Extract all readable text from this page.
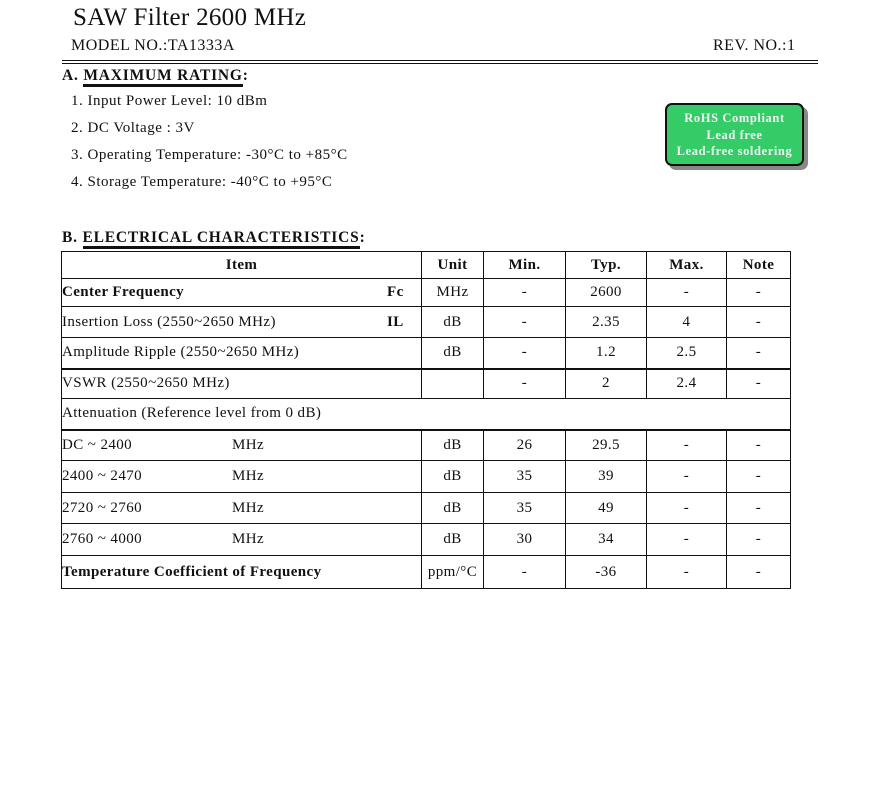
SAW Filter 2600 MHz
MODEL NO.:TA1333A	REV. NO.:1
A. MAXIMUM RATING:
1. Input Power Level: 10 dBm
2. DC Voltage : 3V
3. Operating Temperature: -30°C to +85°C
4. Storage Temperature: -40°C to +95°C
RoHS Compliant
Lead free
Lead-free soldering
B. ELECTRICAL CHARACTERISTICS:
Item	Unit	Min.	Typ.	Max.	Note
Center Frequency Fc	MHz	-	2600	-	-
Insertion Loss (2550~2650 MHz) IL	dB	-	2.35	4	-
Amplitude Ripple (2550~2650 MHz)	dB	-	1.2	2.5	-
VSWR (2550~2650 MHz)		-	2	2.4	-
Attenuation (Reference level from 0 dB)					
DC ~ 2400 MHz	dB	26	29.5	-	-
2400 ~ 2470 MHz	dB	35	39	-	-
2720 ~ 2760 MHz	dB	35	49	-	-
2760 ~ 4000 MHz	dB	30	34	-	-
Temperature Coefficient of Frequency	ppm/°C	-	-36	-	-
